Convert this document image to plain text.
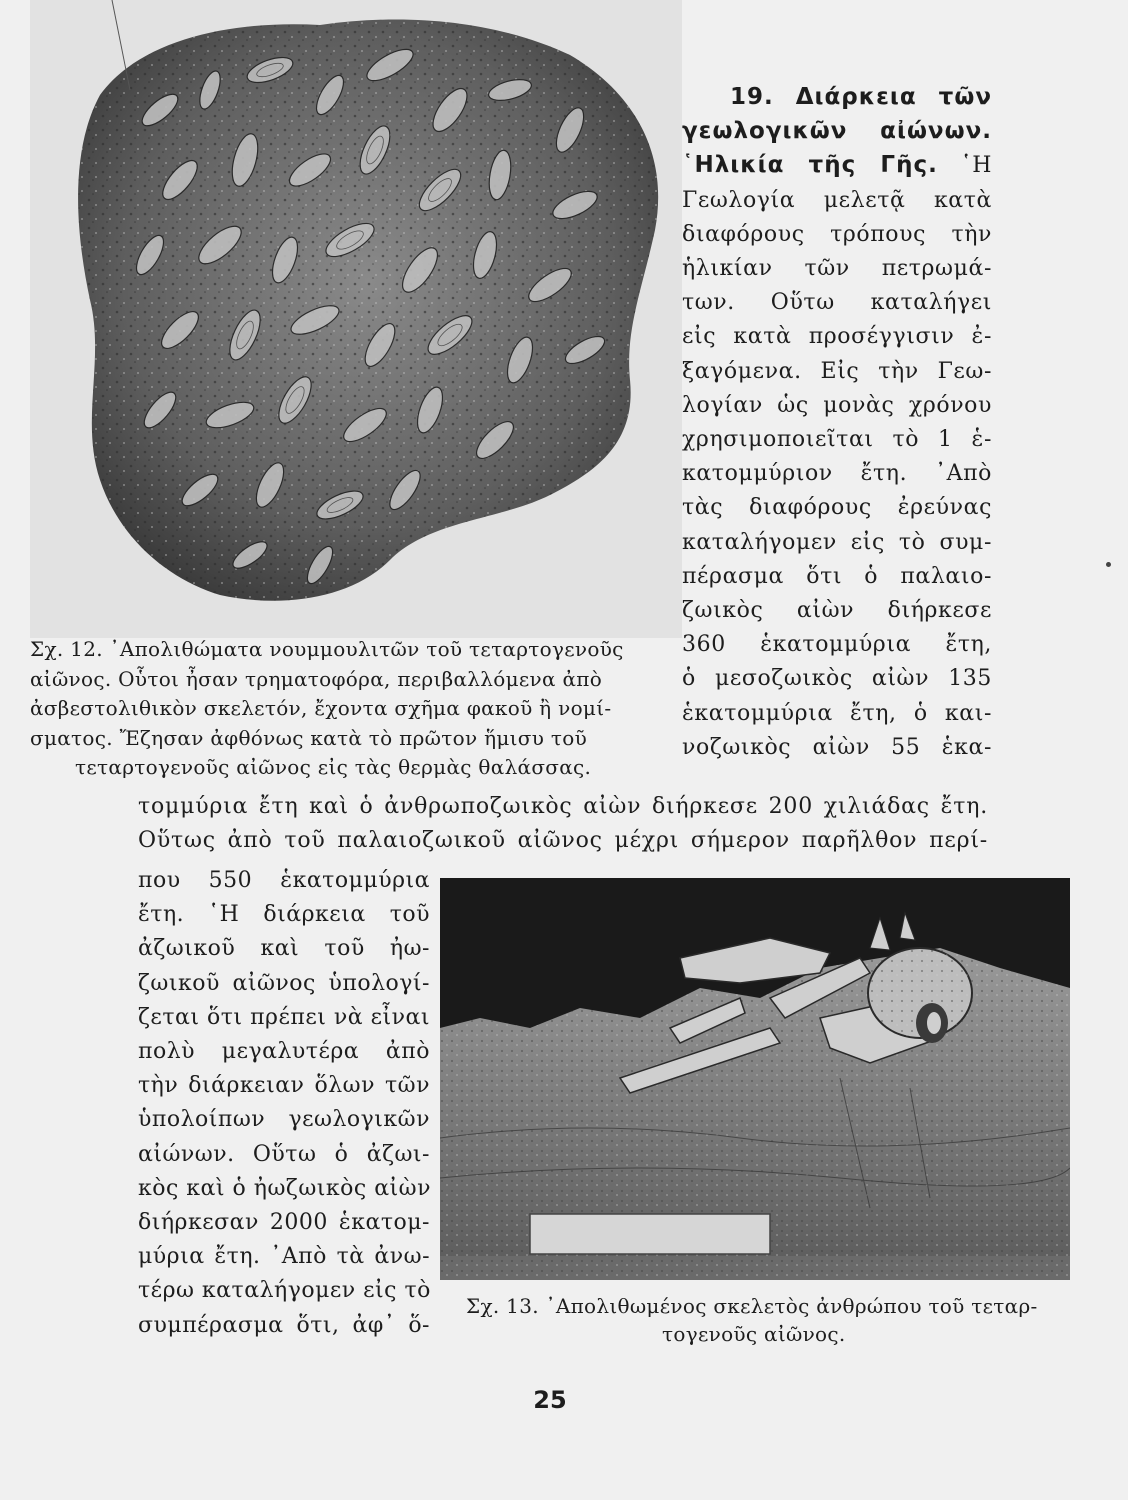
Σχ. 12. ᾽Απολιθώματα νουμμουλιτῶν τοῦ τεταρτογενοῦς
αἰῶνος. Οὗτοι ἦσαν τρηματοφόρα, περιβαλλόμενα ἀπὸ
ἀσβεστολιθικὸν σκελετόν, ἔχοντα σχῆμα φακοῦ ἢ νομί-
σματος. Ἔζησαν ἀφθόνως κατὰ τὸ πρῶτον ἥμισυ τοῦ
τεταρτογενοῦς αἰῶνος εἰς τὰς θερμὰς θαλάσσας.
19. Διάρκεια τῶν
γεωλογικῶν αἰώνων.
῾Ηλικία τῆς Γῆς. ῾Η
Γεωλογία μελετᾷ κατὰ
διαφόρους τρόπους τὴν
ἡλικίαν τῶν πετρωμά-
των. Οὕτω καταλήγει
εἰς κατὰ προσέγγισιν ἐ-
ξαγόμενα. Εἰς τὴν Γεω-
λογίαν ὡς μονὰς χρόνου
χρησιμοποιεῖται τὸ 1 ἑ-
κατομμύριον ἔτη. ᾽Απὸ
τὰς διαφόρους ἐρεύνας
καταλήγομεν εἰς τὸ συμ-
πέρασμα ὅτι ὁ παλαιο-
ζωικὸς αἰὼν διήρκεσε
360 ἑκατομμύρια ἔτη,
ὁ μεσοζωικὸς αἰὼν 135
ἑκατομμύρια ἔτη, ὁ και-
νοζωικὸς αἰὼν 55 ἑκα-
τομμύρια ἔτη καὶ ὁ ἀνθρωποζωικὸς αἰὼν διήρκεσε 200 χιλιάδας ἔτη.
Οὕτως ἀπὸ τοῦ παλαιοζωικοῦ αἰῶνος μέχρι σήμερον παρῆλθον περί-
που 550 ἑκατομμύρια
ἔτη. ῾Η διάρκεια τοῦ
ἀζωικοῦ καὶ τοῦ ἠω-
ζωικοῦ αἰῶνος ὑπολογί-
ζεται ὅτι πρέπει νὰ εἶναι
πολὺ μεγαλυτέρα ἀπὸ
τὴν διάρκειαν ὅλων τῶν
ὑπολοίπων γεωλογικῶν
αἰώνων. Οὕτω ὁ ἀζωι-
κὸς καὶ ὁ ἠωζωικὸς αἰὼν
διήρκεσαν 2000 ἑκατομ-
μύρια ἔτη. ᾽Απὸ τὰ ἀνω-
τέρω καταλήγομεν εἰς τὸ
συμπέρασμα ὅτι, ἀφ᾽ ὅ-
Σχ. 13. ᾽Απολιθωμένος σκελετὸς ἀνθρώπου τοῦ τεταρ-
τογενοῦς αἰῶνος.
25
